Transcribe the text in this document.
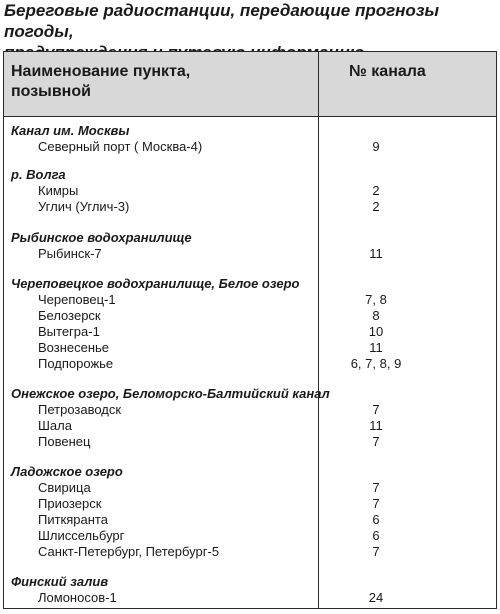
Береговые радиостанции, передающие прогнозы погоды,
Наименование пункта,
позывной
№ канала
Канал им. Москвы
Северный порт ( Москва-4)	9
р. Волга
Кимры	2
Углич (Углич-3)	2
Рыбинское водохранилище
Рыбинск-7	11
Череповецкое водохранилище, Белое озеро
Череповец-1	7, 8
Белозерск	8
Вытегра-1	10
Вознесенье	11
Подпорожье	6, 7, 8, 9
Онежское озеро, Беломорско-Балтийский канал
Петрозаводск	7
Шала	11
Повенец	7
Ладожское озеро
Свирица	7
Приозерск	7
Питкяранта	6
Шлиссельбург	6
Санкт-Петербург, Петербург-5	7
Финский залив
Ломоносов-1	24
